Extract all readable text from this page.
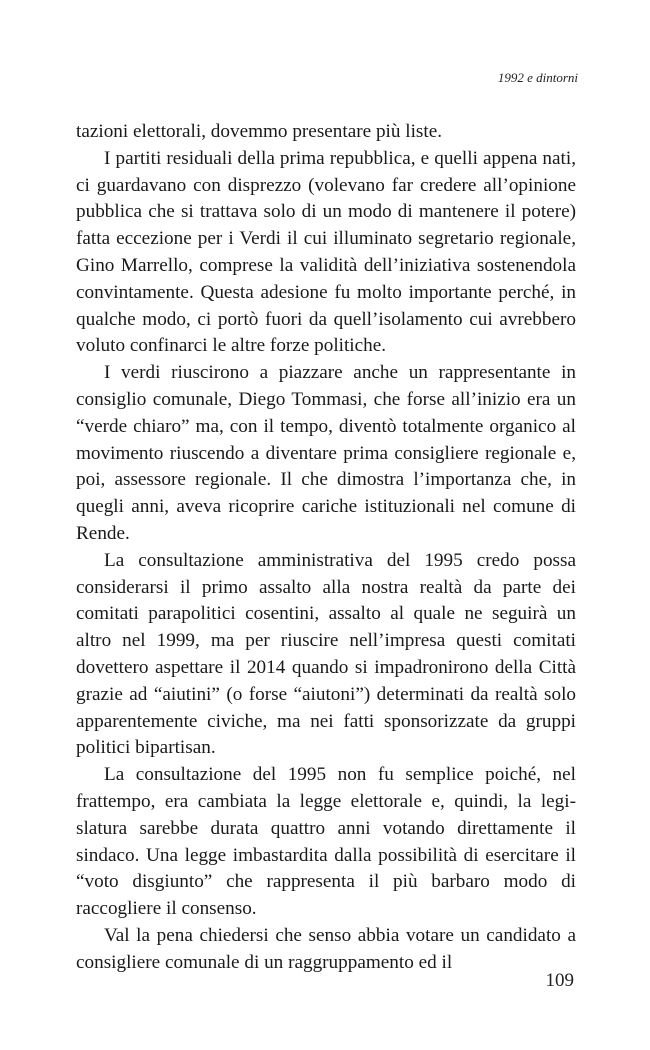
1992 e dintorni

tazioni elettorali, dovemmo presentare più liste.

I partiti residuali della prima repubblica, e quelli appena nati, ci guardavano con disprezzo (volevano far credere all’opinione pubblica che si trattava solo di un modo di mantenere il potere) fatta eccezione per i Verdi il cui illuminato segretario regionale, Gino Marrello, comprese la validità dell’iniziativa sostenendola convintamente. Questa adesione fu molto importante perché, in qualche modo, ci portò fuori da quell’isolamento cui avrebbero voluto confinarci le altre forze politiche.

I verdi riuscirono a piazzare anche un rappresentante in consiglio comunale, Diego Tommasi, che forse all’inizio era un “verde chiaro” ma, con il tempo, diventò totalmente organico al movimento riuscendo a diventare prima consigliere regionale e, poi, assessore regionale. Il che dimostra l’importanza che, in quegli anni, aveva ricoprire cariche istituzionali nel comune di Rende.

La consultazione amministrativa del 1995 credo possa considerarsi il primo assalto alla nostra realtà da parte dei comitati parapolitici cosentini, assalto al quale ne seguirà un altro nel 1999, ma per riuscire nell’impresa questi comitati dovettero aspettare il 2014 quando si impadronirono della Città grazie ad “aiutini” (o forse “aiutoni”) determinati da realtà solo apparentemente civiche, ma nei fatti sponsorizzate da gruppi politici bipartisan.

La consultazione del 1995 non fu semplice poiché, nel frattempo, era cambiata la legge elettorale e, quindi, la legislatura sarebbe durata quattro anni votando direttamente il sindaco. Una legge imbastardita dalla possibilità di esercitare il “voto disgiunto” che rappresenta il più barbaro modo di raccogliere il consenso.

Val la pena chiedersi che senso abbia votare un candidato a consigliere comunale di un raggruppamento ed il

109
